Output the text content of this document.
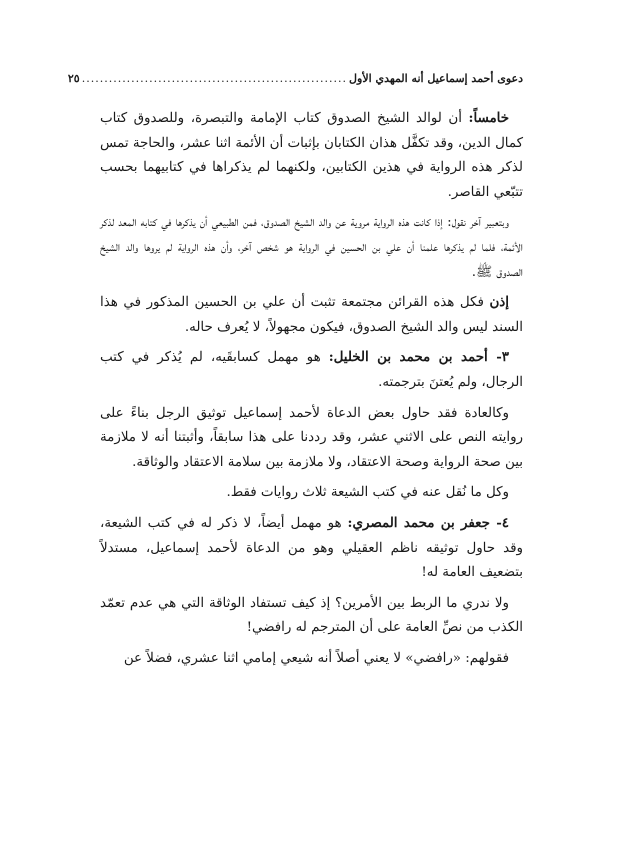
دعوى أحمد إسماعيل أنه المهدي الأول
...........................................................
٢٥

خامساً: أن لوالد الشيخ الصدوق كتاب الإمامة والتبصرة، وللصدوق كتاب كمال الدين، وقد تكفَّل هذان الكتابان بإثبات أن الأئمة اثنا عشر، والحاجة تمس لذكر هذه الرواية في هذين الكتابين، ولكنهما لم يذكراها في كتابيهما بحسب تتبّعي القاصر.

وبتعبير آخر نقول: إذا كانت هذه الرواية مروية عن والد الشيخ الصدوق، فمن الطبيعي أن يذكرها في كتابه المعد لذكر الأئمة، فلما لم يذكرها علمنا أن علي بن الحسين في الرواية هو شخص آخر، وأن هذه الرواية لم يروها والد الشيخ الصدوق ﷺ.

إذن فكل هذه القرائن مجتمعة تثبت أن علي بن الحسين المذكور في هذا السند ليس والد الشيخ الصدوق، فيكون مجهولاً، لا يُعرف حاله.

٣- أحمد بن محمد بن الخليل: هو مهمل كسابقَيه، لم يُذكر في كتب الرجال، ولم يُعتنَ بترجمته.

وكالعادة فقد حاول بعض الدعاة لأحمد إسماعيل توثيق الرجل بناءً على روايته النص على الاثني عشر، وقد رددنا على هذا سابقاً، وأثبتنا أنه لا ملازمة بين صحة الرواية وصحة الاعتقاد، ولا ملازمة بين سلامة الاعتقاد والوثاقة.

وكل ما نُقل عنه في كتب الشيعة ثلاث روايات فقط.

٤- جعفر بن محمد المصري: هو مهمل أيضاً، لا ذكر له في كتب الشيعة، وقد حاول توثيقه ناظم العقيلي وهو من الدعاة لأحمد إسماعيل، مستدلاً بتضعيف العامة له!

ولا ندري ما الربط بين الأمرين؟ إذ كيف تستفاد الوثاقة التي هي عدم تعمّد الكذب من نصِّ العامة على أن المترجم له رافضي!

فقولهم: «رافضي» لا يعني أصلاً أنه شيعي إمامي اثنا عشري، فضلاً عن
